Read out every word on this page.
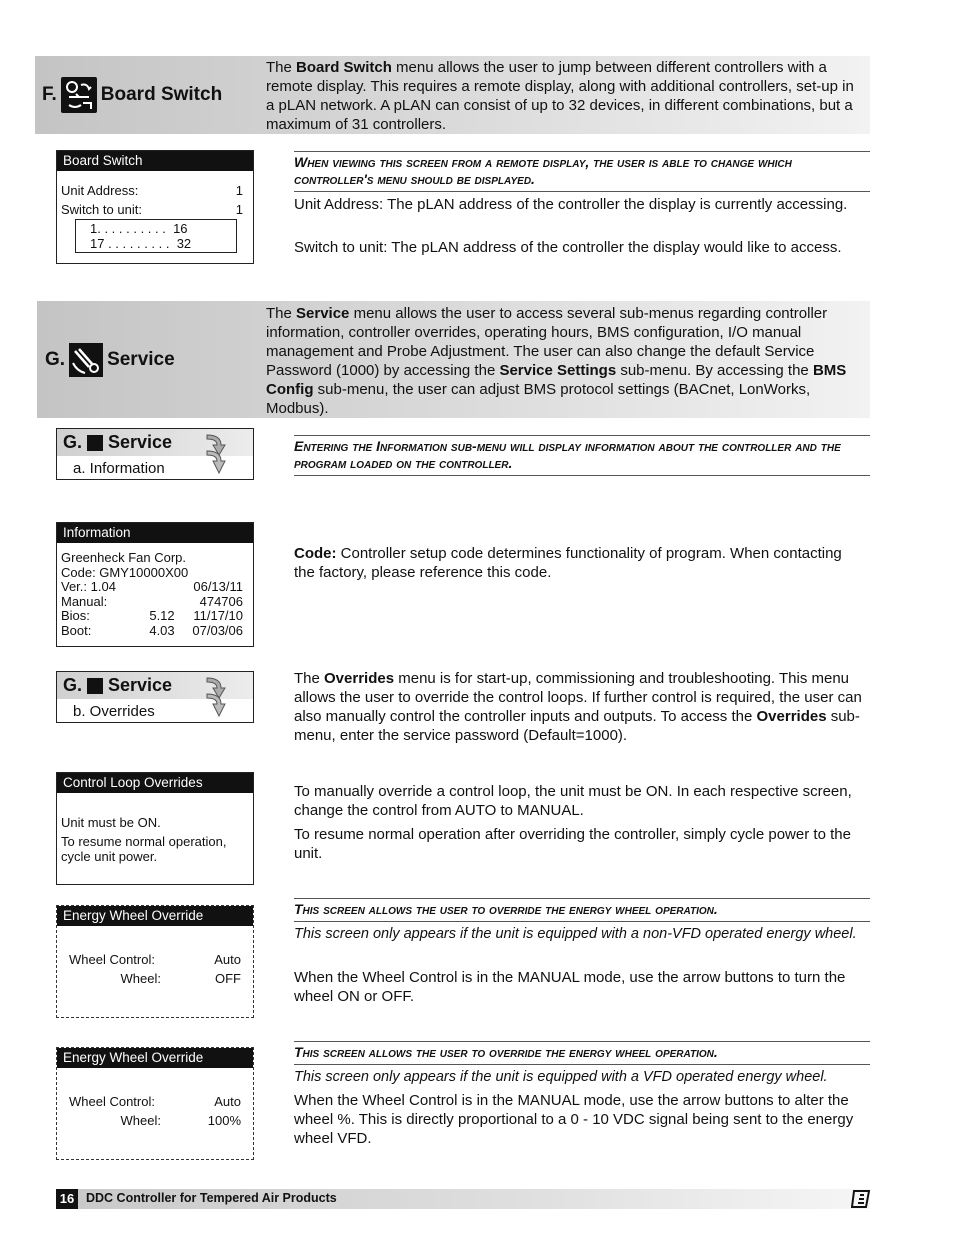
F. Board Switch
The Board Switch menu allows the user to jump between different controllers with a remote display. This requires a remote display, along with additional controllers, set-up in a pLAN network. A pLAN can consist of up to 32 devices, in different combinations, but a maximum of 31 controllers.
Board Switch
Unit Address:	1
Switch to unit:	1
1. . . . . . . . . .  16
17 . . . . . . . . .  32
When viewing this screen from a remote display, the user is able to change which controller's menu should be displayed.
Unit Address: The pLAN address of the controller the display is currently accessing.
Switch to unit: The pLAN address of the controller the display would like to access.
G. Service
The Service menu allows the user to access several sub-menus regarding controller information, controller overrides, operating hours, BMS configuration, I/O manual management and Probe Adjustment. The user can also change the default Service Password (1000) by accessing the Service Settings sub-menu. By accessing the BMS Config sub-menu, the user can adjust BMS protocol settings (BACnet, LonWorks, Modbus).
G. Service
a. Information
Entering the Information sub-menu will display information about the controller and the program loaded on the controller.
Information
Greenheck Fan Corp.
Code: GMY10000X00
Ver.: 1.04	06/13/11
Manual:	474706
Bios:	5.12	11/17/10
Boot:	4.03	07/03/06
Code: Controller setup code determines functionality of program. When contacting the factory, please reference this code.
G. Service
b. Overrides
The Overrides menu is for start-up, commissioning and troubleshooting. This menu allows the user to override the control loops. If further control is required, the user can also manually control the controller inputs and outputs. To access the Overrides sub-menu, enter the service password (Default=1000).
Control Loop Overrides
Unit must be ON.
To resume normal operation, cycle unit power.
To manually override a control loop, the unit must be ON. In each respective screen, change the control from AUTO to MANUAL.
To resume normal operation after overriding the controller, simply cycle power to the unit.
Energy Wheel Override
Wheel Control:	Auto
Wheel:	OFF
This screen allows the user to override the energy wheel operation.
This screen only appears if the unit is equipped with a non-VFD operated energy wheel.
When the Wheel Control is in the MANUAL mode, use the arrow buttons to turn the wheel ON or OFF.
Energy Wheel Override
Wheel Control:	Auto
Wheel:	100%
This screen allows the user to override the energy wheel operation.
This screen only appears if the unit is equipped with a VFD operated energy wheel.
When the Wheel Control is in the MANUAL mode, use the arrow buttons to alter the wheel %. This is directly proportional to a 0 - 10 VDC signal being sent to the energy wheel VFD.
16 DDC Controller for Tempered Air Products
